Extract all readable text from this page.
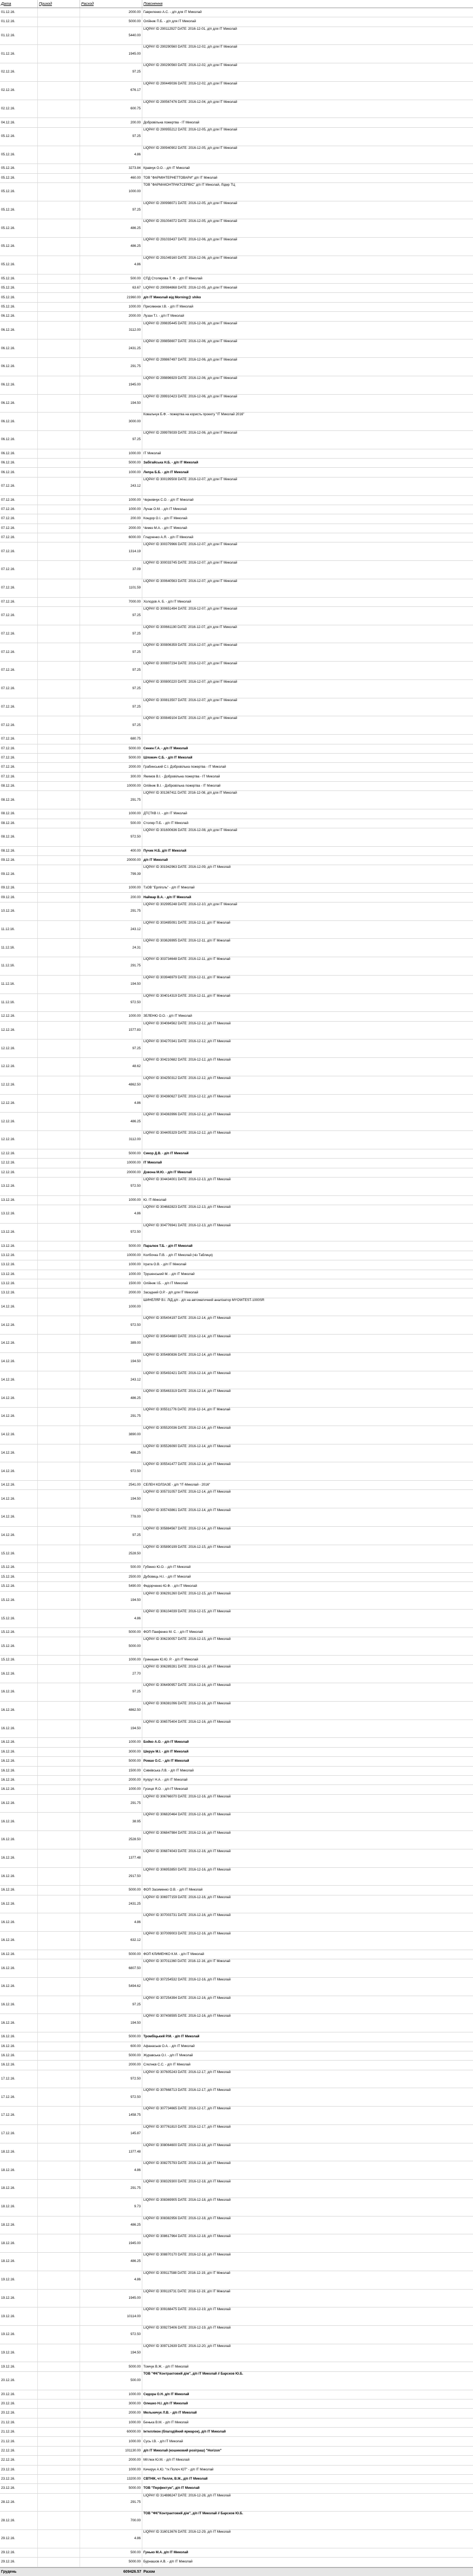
Дата	Приход	Расход	Пояснення
01.12.16.	2000.00 Гавриленко А.С. - д/п для ІТ Миколай
01.12.16.	5000.00 Олійник П.Б. - д/п для ІТ Миколай
01.12.16.	5440.00
LIQPAY ID 290112927 DATE: 2016-12-01, д/п для ІТ Миколай
01.12.16.	1945.00
LIQPAY ID 290290560 DATE: 2016-12-02, д/п для ІТ Миколай
02.12.16.	97.25
LIQPAY ID 290290560 DATE: 2016-12-02, д/п для ІТ Миколай
02.12.16.	676.17
LIQPAY ID 290449036 DATE: 2016-12-02, д/п для ІТ Миколай
02.12.16.	600.75
LIQPAY ID 290567476 DATE: 2016-12-04, д/п для ІТ Миколай
04.12.16.	200.00 Добровільна пожертва - ІТ Миколай
05.12.16.	97.25
LIQPAY ID 290955212 DATE: 2016-12-05, д/п для ІТ Миколай
05.12.16.	4.86
LIQPAY ID 290940902 DATE: 2016-12-05, д/п для ІТ Миколай
05.12.16.	3273.84 Кравчук О.О. - д/п ІТ Миколай
05.12.16.	460.00 ТОВ "ФАРМІНТЕРНЕТТОВАРИ" д/п ІТ Миколай
05.12.16.	1000.00
ТОВ "ФАРМАКОНТРАКТСЕРВІС" д/п ІТ Миколай, Лідер ТЦ
05.12.16.	97.25
LIQPAY ID 290998071 DATE: 2016-12-05, д/п для ІТ Миколай
05.12.16.	486.25
LIQPAY ID 291004072 DATE: 2016-12-05, д/п для ІТ Миколай
05.12.16.	486.25
LIQPAY ID 291033437 DATE: 2016-12-06, д/п для ІТ Миколай
05.12.16.	4.86
LIQPAY ID 291049160 DATE: 2016-12-06, д/п для ІТ Миколай
05.12.16.	500.00 СПД Столярова Т. Ф. - д/п ІТ Миколай
05.12.16.	63.67 LIQPAY ID 290984868 DATE: 2016-12-05, д/п для ІТ Миколай
05.12.16.	21960.00 д/п ІТ Миколай від Morning@ shiko
05.12.16.	1000.00 Присяжнюк І.В. - д/п ІТ Миколай
06.12.16.	2000.00 Лузан Т.І. - д/п ІТ Миколай
06.12.16.	3112.00
LIQPAY ID 299835445 DATE: 2016-12-06, д/п для ІТ Миколай
06.12.16.	2431.25
LIQPAY ID 299856607 DATE: 2016-12-06, д/п для ІТ Миколай
06.12.16.	291.75
LIQPAY ID 299867497 DATE: 2016-12-06, д/п для ІТ Миколай
06.12.16.	1945.00
LIQPAY ID 299896929 DATE: 2016-12-06, д/п для ІТ Миколай
06.12.16.	194.50
LIQPAY ID 299910423 DATE: 2016-12-06, д/п для ІТ Миколай
06.12.16.	3000.00
Ковальчук Б.Ф. - пожертва на користь проекту "ІТ Миколай 2016"
06.12.16.	97.25
LIQPAY ID 299978039 DATE: 2016-12-06, д/п для ІТ Миколай
06.12.16.	1000.00 ІТ Миколай
06.12.16.	5000.00 Забігайська Н.Б. - д/п ІТ Миколай
06.12.16.	1000.00 Лепра Б.Б. - д/п ІТ Миколай
07.12.16.	243.12
LIQPAY ID 300199508 DATE: 2016-12-07, д/п для ІТ Миколай
07.12.16.	1000.00 Чернявчук С.О. - д/п ІТ Миколай
07.12.16.	1000.00 Лучак О.М. - д/п ІТ Миколай
07.12.16.	200.00 Кондор О.І. - д/п ІТ Миколай
07.12.16.	2000.00 Чемез М.А. - д/п ІТ Миколай
07.12.16.	6000.00 Гладченко А.Я. - д/п ІТ Миколай
07.12.16.	1314.19
LIQPAY ID 300379966 DATE: 2016-12-07, д/п для ІТ Миколай
07.12.16.	37.09
LIQPAY ID 300033745 DATE: 2016-12-07, д/п для ІТ Миколай
07.12.16.	1101.59
LIQPAY ID 300640563 DATE: 2016-12-07, д/п для ІТ Миколай
07.12.16.	7000.00 Холодов А. Б. - д/п ІТ Миколай
07.12.16.	97.25
LIQPAY ID 300651494 DATE: 2016-12-07, д/п для ІТ Миколай
07.12.16.	97.25
LIQPAY ID 300661190 DATE: 2016-12-07, д/п для ІТ Миколай
07.12.16.	97.25
LIQPAY ID 300806359 DATE: 2016-12-07, д/п для ІТ Миколай
07.12.16.	97.25
LIQPAY ID 300807234 DATE: 2016-12-07, д/п для ІТ Миколай
07.12.16.	97.25
LIQPAY ID 300800220 DATE: 2016-12-07, д/п для ІТ Миколай
07.12.16.	97.25
LIQPAY ID 300813507 DATE: 2016-12-07, д/п для ІТ Миколай
07.12.16.	97.25
LIQPAY ID 300849104 DATE: 2016-12-07, д/п для ІТ Миколай
07.12.16.	680.75
07.12.16.	5000.00 Сенин Г.А. - д/п ІТ Миколай
07.12.16.	5000.00 Шломич С.Б. - д/п ІТ Миколай
07.12.16.	2000.00 Грабинський С.І. Добровільна пожертва - ІТ Миколай
07.12.16.	300.00 Якимов В.І. - Добровільна пожертва - ІТ Миколай
08.12.16.	10000.00 Олійник В.І. - Добровільна пожертва - ІТ Миколай
08.12.16.	291.75
LIQPAY ID 301367411 DATE: 2016-12-08, д/п для ІТ Миколай
08.12.16.	1000.00 ДТСТКВ І.І. - д/п ІТ Миколай
08.12.16.	500.00 Столяр П.Б. - д/п ІТ Миколай
08.12.16.	972.50
LIQPAY ID 301600636 DATE: 2016-12-08, д/п для ІТ Миколай
08.12.16.	400.00 Пучик Н.Б. д/п ІТ Миколай
09.12.16.	20000.00 д/п ІТ Миколай
09.12.16.	799.39
LIQPAY ID 301942963 DATE: 2016-12-09, д/п ІТ Миколай
09.12.16.	1000.00 ТзОВ "Ерліголь" - д/п ІТ Миколай
09.12.16.	200.00 Наймар В.А. - д/п ІТ Миколай
10.12.16.	291.75
LIQPAY ID 302995248 DATE: 2016-12-10, д/п для ІТ Миколай
11.12.16.	243.12
LIQPAY ID 303485091 DATE: 2016-12-11, д/п ІТ Миколай
11.12.16.	24.31
LIQPAY ID 303626995 DATE: 2016-12-11, д/п ІТ Миколай
11.12.16.	291.75
LIQPAY ID 303734648 DATE: 2016-12-11, д/п ІТ Миколай
11.12.16.	194.50
LIQPAY ID 303946979 DATE: 2016-12-11, д/п ІТ Миколай
11.12.16.	972.50
LIQPAY ID 304014319 DATE: 2016-12-11, д/п ІТ Миколай
12.12.16.	1000.00 ЗЕЛЕНЮ О.О. - д/п ІТ Миколай
12.12.16.	1577.83
LIQPAY ID 304084562 DATE: 2016-12-12, д/п ІТ Миколай
12.12.16.	97.25
LIQPAY ID 304270341 DATE: 2016-12-12, д/п ІТ Миколай
12.12.16.	48.62
LIQPAY ID 304210682 DATE: 2016-12-12, д/п ІТ Миколай
12.12.16.	4862.50
LIQPAY ID 304250312 DATE: 2016-12-12, д/п ІТ Миколай
12.12.16.	4.86
LIQPAY ID 304360627 DATE: 2016-12-12, д/п ІТ Миколай
12.12.16.	486.25
LIQPAY ID 304363996 DATE: 2016-12-12, д/п ІТ Миколай
12.12.16.	3112.00
LIQPAY ID 304405329 DATE: 2016-12-12, д/п ІТ Миколай
12.12.16.	5000.00 Сикор Д.В. - д/п ІТ Миколай
12.12.16.	10000.00 ІТ Миколай
12.12.16.	20000.00 Дзвона М.Ю. - д/п ІТ Миколай
13.12.16.	972.50
LIQPAY ID 304434001 DATE: 2016-12-13, д/п ІТ Миколай
13.12.16.	1000.00 Ю. ІТ-Миколай
13.12.16.	4.86
LIQPAY ID 304682823 DATE: 2016-12-13, д/п ІТ Миколай
13.12.16.	972.50
LIQPAY ID 304776941 DATE: 2016-12-13, д/п ІТ Миколай
13.12.16.	5000.00 Паралюк Т.Б. - д/п ІТ Миколай
13.12.16.	10000.00 Колбочка П.В. - д/п ІТ Миколай (чіз Таблиця)
13.12.16.	1000.00 Іграта О.В. - д/п ІТ Миколай
13.12.16.	1000.00 Трушенський М. - д/п ІТ Миколай
13.12.16.	1500.00 Олійник І.Б. - д/п ІТ Миколай
13.12.16.	2000.00 Засадний О.Р. - д/п для ІТ Миколай
14.12.16.	1000.00
ШИНЕЛЯР В.І. ЛІД д/п - д/п на автоматичний аналізатор MYOWTEST-1000SR
14.12.16.	972.50
LIQPAY ID 305404197 DATE: 2016-12-14, д/п ІТ Миколай
14.12.16.	389.00
LIQPAY ID 305404680 DATE: 2016-12-14, д/п ІТ Миколай
14.12.16.	194.50
LIQPAY ID 305480836 DATE: 2016-12-14, д/п ІТ Миколай
14.12.16.	243.12
LIQPAY ID 305492421 DATE: 2016-12-14, д/п ІТ Миколай
14.12.16.	486.25
LIQPAY ID 305463319 DATE: 2016-12-14, д/п ІТ Миколай
14.12.16.	291.75
LIQPAY ID 305511776 DATE: 2016-12-14, д/п ІТ Миколай
14.12.16.	3890.00
LIQPAY ID 305520036 DATE: 2016-12-14, д/п ІТ Миколай
14.12.16.	486.25
LIQPAY ID 305526090 DATE: 2016-12-14, д/п ІТ Миколай
14.12.16.	972.50
LIQPAY ID 305541477 DATE: 2016-12-14, д/п ІТ Миколай
14.12.16.	2541.00 СЕЛЕН КОЛЗАЗЕ - д/п "ІТ-Миколай - 2016"
14.12.16.	194.50
LIQPAY ID 305731057 DATE: 2016-12-14, д/п ІТ Миколай
14.12.16.	778.00
LIQPAY ID 305743861 DATE: 2016-12-14, д/п ІТ Миколай
14.12.16.	97.25
LIQPAY ID 305884567 DATE: 2016-12-14, д/п ІТ Миколай
15.12.16.	2528.50
LIQPAY ID 305890199 DATE: 2016-12-15, д/п ІТ Миколай
15.12.16.	500.00 Губенко Ю.О. - д/п ІТ Миколай
15.12.16.	2500.00 Дубовець Н.І. - д/п ІТ Миколай
15.12.16.	5490.00 Федорченко Ю.Ф. - д/п ІТ Миколай
15.12.16.	194.50
LIQPAY ID 306291260 DATE: 2016-12-15, д/п ІТ Миколай
15.12.16.	4.86
LIQPAY ID 306104039 DATE: 2016-12-15, д/п ІТ Миколай
15.12.16.	5000.00 ФОП Паефенко М. С. - д/п ІТ Миколай
15.12.16.	5000.00
LIQPAY ID 306230057 DATE: 2016-12-15, д/п ІТ Миколай
15.12.16.	1000.00 Гринишин Ю.Ю. Р. - д/п ІТ Миколай
16.12.16.	27.70
LIQPAY ID 306289281 DATE: 2016-12-16, д/п ІТ Миколай
16.12.16.	97.25
LIQPAY ID 306490957 DATE: 2016-12-16, д/п ІТ Миколай
16.12.16.	4862.50
LIQPAY ID 306381096 DATE: 2016-12-16, д/п ІТ Миколай
16.12.16.	194.50
LIQPAY ID 306575404 DATE: 2016-12-16, д/п ІТ Миколай
16.12.16.	1000.00 Бойко А.О. - д/п ІТ Миколай
16.12.16.	3000.00 Шерун М.І. - д/п ІТ Миколай
16.12.16.	5000.00 Роман О.С. - д/п ІТ Миколай
16.12.16.	1500.00 Сивківська Л.В. - д/п ІТ Миколай
16.12.16.	2000.00 Купрут Н.А. - д/п ІТ Миколай
16.12.16.	1000.00 Гусиця Я.О. - д/п ІТ Миколай
16.12.16.	291.75
LIQPAY ID 306766070 DATE: 2016-12-16, д/п ІТ Миколай
16.12.16.	38.95
LIQPAY ID 306820464 DATE: 2016-12-16, д/п ІТ Миколай
16.12.16.	2528.50
LIQPAY ID 306847984 DATE: 2016-12-16, д/п ІТ Миколай
16.12.16.	1377.48
LIQPAY ID 306874043 DATE: 2016-12-16, д/п ІТ Миколай
16.12.16.	2917.50
LIQPAY ID 306953850 DATE: 2016-12-16, д/п ІТ Миколай
16.12.16.	5000.00 ФОП Засименко О.В. - д/п ІТ Миколай
16.12.16.	2431.25
LIQPAY ID 306977159 DATE: 2016-12-16, д/п ІТ Миколай
16.12.16.	4.86
LIQPAY ID 307003731 DATE: 2016-12-16, д/п ІТ Миколай
16.12.16.	632.12
LIQPAY ID 307009003 DATE: 2016-12-16, д/п ІТ Миколай
16.12.16.	5000.00 ФОП КЛИМЕНКО К.М. - д/п ІТ Миколай
16.12.16.	6807.50
LIQPAY ID 307011360 DATE: 2016-12-16, д/п ІТ Миколай
16.12.16.	5494.62
LIQPAY ID 307254532 DATE: 2016-12-16, д/п ІТ Миколай
16.12.16.	97.25
LIQPAY ID 307254394 DATE: 2016-12-16, д/п ІТ Миколай
16.12.16.	194.50
LIQPAY ID 307408595 DATE: 2016-12-16, д/п ІТ Миколай
16.12.16.	5000.00 Тромбіцький Р.М. - д/п ІТ Миколай
16.12.16.	600.00 Афанасьєв О.А. - д/п ІТ Миколай
16.12.16.	5000.00 Журавська О.І. - д/п ІТ Миколай
16.12.16.	2000.00 Слєпнєв С.С. - д/п ІТ Миколай
17.12.16.	972.50
LIQPAY ID 307605243 DATE: 2016-12-17, д/п ІТ Миколай
17.12.16.	972.50
LIQPAY ID 307668713 DATE: 2016-12-17, д/п ІТ Миколай
17.12.16.	1458.75
LIQPAY ID 307734665 DATE: 2016-12-17, д/п ІТ Миколай
17.12.16.	145.87
LIQPAY ID 307761810 DATE: 2016-12-17, д/п ІТ Миколай
18.12.16.	1377.48
LIQPAY ID 308064600 DATE: 2016-12-18, д/п ІТ Миколай
18.12.16.	4.86
LIQPAY ID 308275793 DATE: 2016-12-18, д/п ІТ Миколай
18.12.16.	291.75
LIQPAY ID 308329300 DATE: 2016-12-18, д/п ІТ Миколай
18.12.16.	9.73
LIQPAY ID 308369905 DATE: 2016-12-18, д/п ІТ Миколай
18.12.16.	486.25
LIQPAY ID 308382956 DATE: 2016-12-18, д/п ІТ Миколай
18.12.16.	1945.00
LIQPAY ID 308617964 DATE: 2016-12-18, д/п ІТ Миколай
18.12.16.	486.25
LIQPAY ID 308870170 DATE: 2016-12-18, д/п ІТ Миколай
19.12.16.	4.86
LIQPAY ID 309117588 DATE: 2016-12-19, д/п ІТ Миколай
19.12.16.	1945.00
LIQPAY ID 309119731 DATE: 2016-12-19, д/п ІТ Миколай
19.12.16.	10114.00
LIQPAY ID 309168475 DATE: 2016-12-19, д/п ІТ Миколай
19.12.16.	972.50
LIQPAY ID 309273406 DATE: 2016-12-19, д/п ІТ Миколай
19.12.16.	194.50
LIQPAY ID 309712639 DATE: 2016-12-20, д/п ІТ Миколай
19.12.16.	5000.00 Томчук В.Ж. - д/п ІТ Миколай
20.12.16.	500.00
ТОВ "ФК"Контрактовий дім", д/п ІТ Миколай // Барсков Ю.Б.
20.12.16.	1000.00 Сидора О.Н. д/п ІТ Миколай
20.12.16.	3000.00 Олешко Н.І. д/п ІТ Миколай
20.12.16.	2000.00 Мельничук Л.В. - д/п ІТ Миколай
21.12.16.	1000.00 Бенька В.М. - д/п ІТ Миколай
21.12.16.	60000.00 Інтеллікон (благодійний ярмарок), д/п ІТ Миколай
21.12.16.	1000.00 Сусь І.В. - д/п ІТ Миколай
22.12.16.	101130.00 д/п ІТ Миколай (кошиковий розіграш) "Horizon"
22.12.16.	2000.00 Мітлюк Ю.М. - д/п ІТ Миколай
23.12.16.	1000.00 Кичирук А.Ю. "тк Полоч ЮТ" - д/п ІТ Миколай
23.12.16.	13200.00 СВТНІК, чт Пелля, В.М., д/п ІТ Миколай
23.12.16.	5000.00 ТОВ "Перфектум", д/п ІТ Миколай
28.12.16.	291.75
LIQPAY ID 314886247 DATE: 2016-12-28, д/п ІТ Миколай
28.12.16.	700.00
ТОВ "ФК"Контрактовий дім", д/п ІТ Миколай // Барсков Ю.Б.
29.12.16.	4.86
LIQPAY ID 316013676 DATE: 2016-12-29, д/п ІТ Миколай
29.12.16.	500.00 Гунько М.А. д/п ІТ Миколай
29.12.16.	5000.00 Бурнашов А.В. - д/п ІТ Миколай
Грудень	609426.57 Разом
